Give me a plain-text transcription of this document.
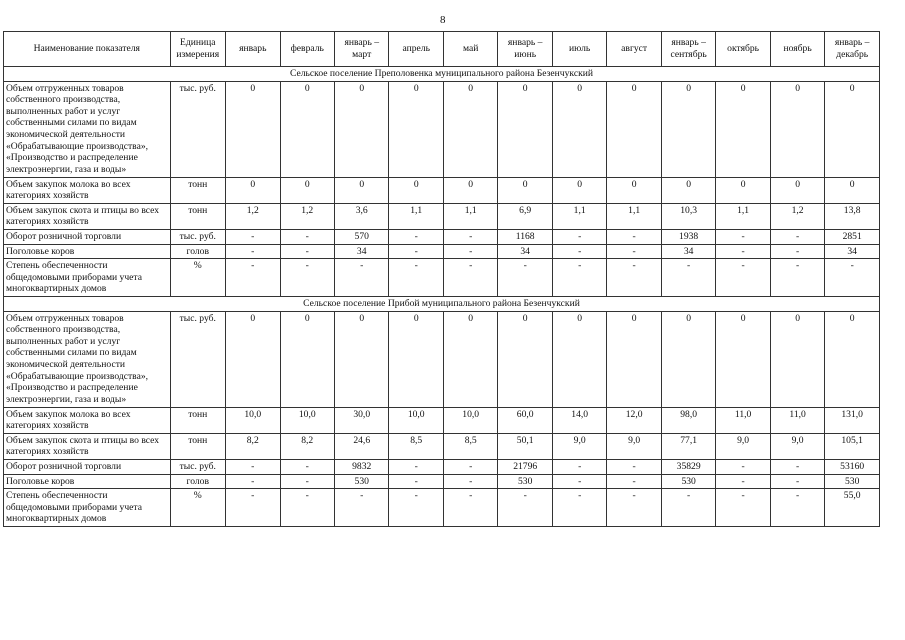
8
Наименование показателя	Единица измерения	январь	февраль	январь – март	апрель	май	январь – июнь	июль	август	январь – сентябрь	октябрь	ноябрь	январь – декабрь
Сельское поселение Преполовенка муниципального района Безенчукский													
Объем отгруженных товаров собственного производства, выполненных работ и услуг собственными силами по видам экономической деятельности «Обрабатывающие производства», «Производство и распределение электроэнергии, газа и воды»	тыс. руб.	0	0	0	0	0	0	0	0	0	0	0	0
Объем закупок молока во всех категориях хозяйств	тонн	0	0	0	0	0	0	0	0	0	0	0	0
Объем закупок скота и птицы во всех категориях хозяйств	тонн	1,2	1,2	3,6	1,1	1,1	6,9	1,1	1,1	10,3	1,1	1,2	13,8
Оборот розничной торговли	тыс. руб.	-	-	570	-	-	1168	-	-	1938	-	-	2851
Поголовье коров	голов	-	-	34	-	-	34	-	-	34	-	-	34
Степень обеспеченности общедомовыми приборами учета многоквартирных домов	%	-	-	-	-	-	-	-	-	-	-	-	-
Сельское поселение Прибой муниципального района Безенчукский													
Объем отгруженных товаров собственного производства, выполненных работ и услуг собственными силами по видам экономической деятельности «Обрабатывающие производства», «Производство и распределение электроэнергии, газа и воды»	тыс. руб.	0	0	0	0	0	0	0	0	0	0	0	0
Объем закупок молока во всех категориях хозяйств	тонн	10,0	10,0	30,0	10,0	10,0	60,0	14,0	12,0	98,0	11,0	11,0	131,0
Объем закупок скота и птицы во всех категориях хозяйств	тонн	8,2	8,2	24,6	8,5	8,5	50,1	9,0	9,0	77,1	9,0	9,0	105,1
Оборот розничной торговли	тыс. руб.	-	-	9832	-	-	21796	-	-	35829	-	-	53160
Поголовье коров	голов	-	-	530	-	-	530	-	-	530	-	-	530
Степень обеспеченности общедомовыми приборами учета многоквартирных домов	%	-	-	-	-	-	-	-	-	-	-	-	55,0
